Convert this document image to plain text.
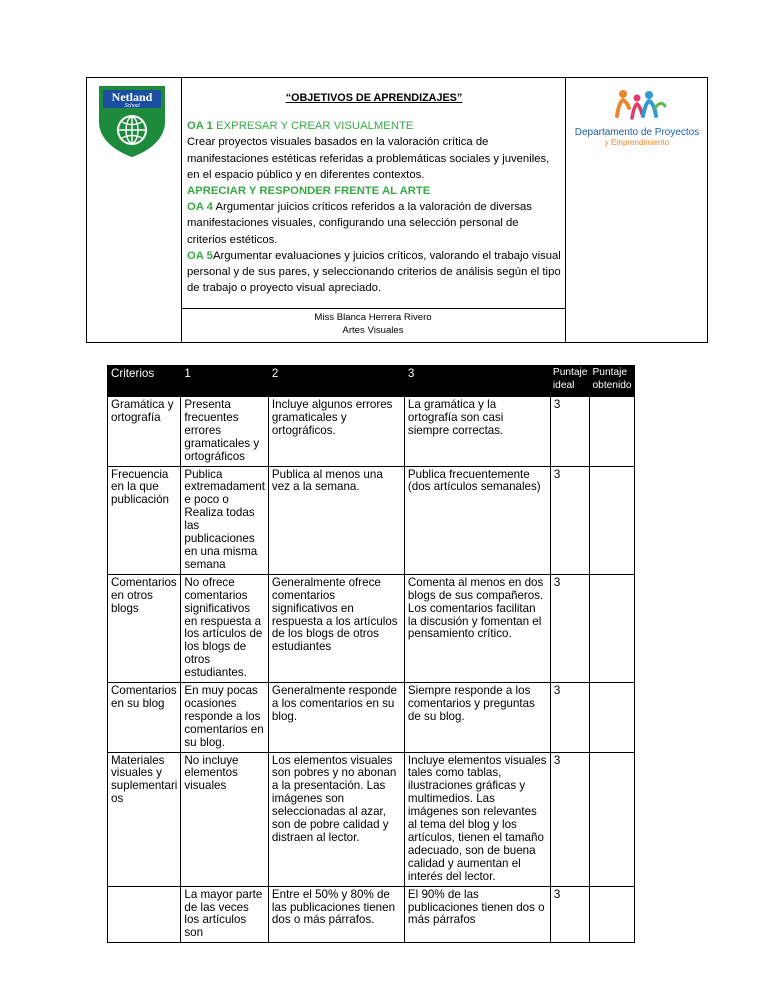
Netland
School
Departamento de Proyectos
y Emprendimiento

“OBJETIVOS DE APRENDIZAJES”

OA 1 EXPRESAR Y CREAR VISUALMENTE

Crear proyectos visuales basados en la valoración crítica de manifestaciones estéticas referidas a problemáticas sociales y juveniles, en el espacio público y en diferentes contextos.

APRECIAR Y RESPONDER FRENTE AL ARTE

OA 4 Argumentar juicios críticos referidos a la valoración de diversas manifestaciones visuales, configurando una selección personal de criterios estéticos.

OA 5Argumentar evaluaciones y juicios críticos, valorando el trabajo visual personal y de sus pares, y seleccionando criterios de análisis según el tipo de trabajo o proyecto visual apreciado.

Miss Blanca Herrera Rivero
Artes Visuales
Criterios	1	2	3	Puntaje ideal	Puntaje obtenido
Gramática y ortografía	Presenta frecuentes errores gramaticales y ortográficos	Incluye algunos errores gramaticales y ortográficos.	La gramática y la ortografía son casi siempre correctas.	3	
Frecuencia en la que publicación	Publica extremadament e poco o Realiza todas las publicaciones en una misma semana	Publica al menos una vez a la semana.	Publica frecuentemente (dos artículos semanales)	3	
Comentarios en otros blogs	No ofrece comentarios significativos en respuesta a los artículos de los blogs de otros estudiantes.	Generalmente ofrece comentarios significativos en respuesta a los artículos de los blogs de otros estudiantes	Comenta al menos en dos blogs de sus compañeros. Los comentarios facilitan la discusión y fomentan el pensamiento crítico.	3	
Comentarios en su blog	En muy pocas ocasiones responde a los comentarios en su blog.	Generalmente responde a los comentarios en su blog.	Siempre responde a los comentarios y preguntas de su blog.	3	
Materiales visuales y suplementari os	No incluye elementos visuales	Los elementos visuales son pobres y no abonan a la presentación. Las imágenes son seleccionadas al azar, son de pobre calidad y distraen al lector.	Incluye elementos visuales tales como tablas, ilustraciones gráficas y multimedios. Las imágenes son relevantes al tema del blog y los artículos, tienen el tamaño adecuado, son de buena calidad y aumentan el interés del lector.	3	
	La mayor parte de las veces los artículos son	Entre el 50% y 80% de las publicaciones tienen dos o más párrafos.	El 90% de las publicaciones tienen dos o más párrafos	3	
